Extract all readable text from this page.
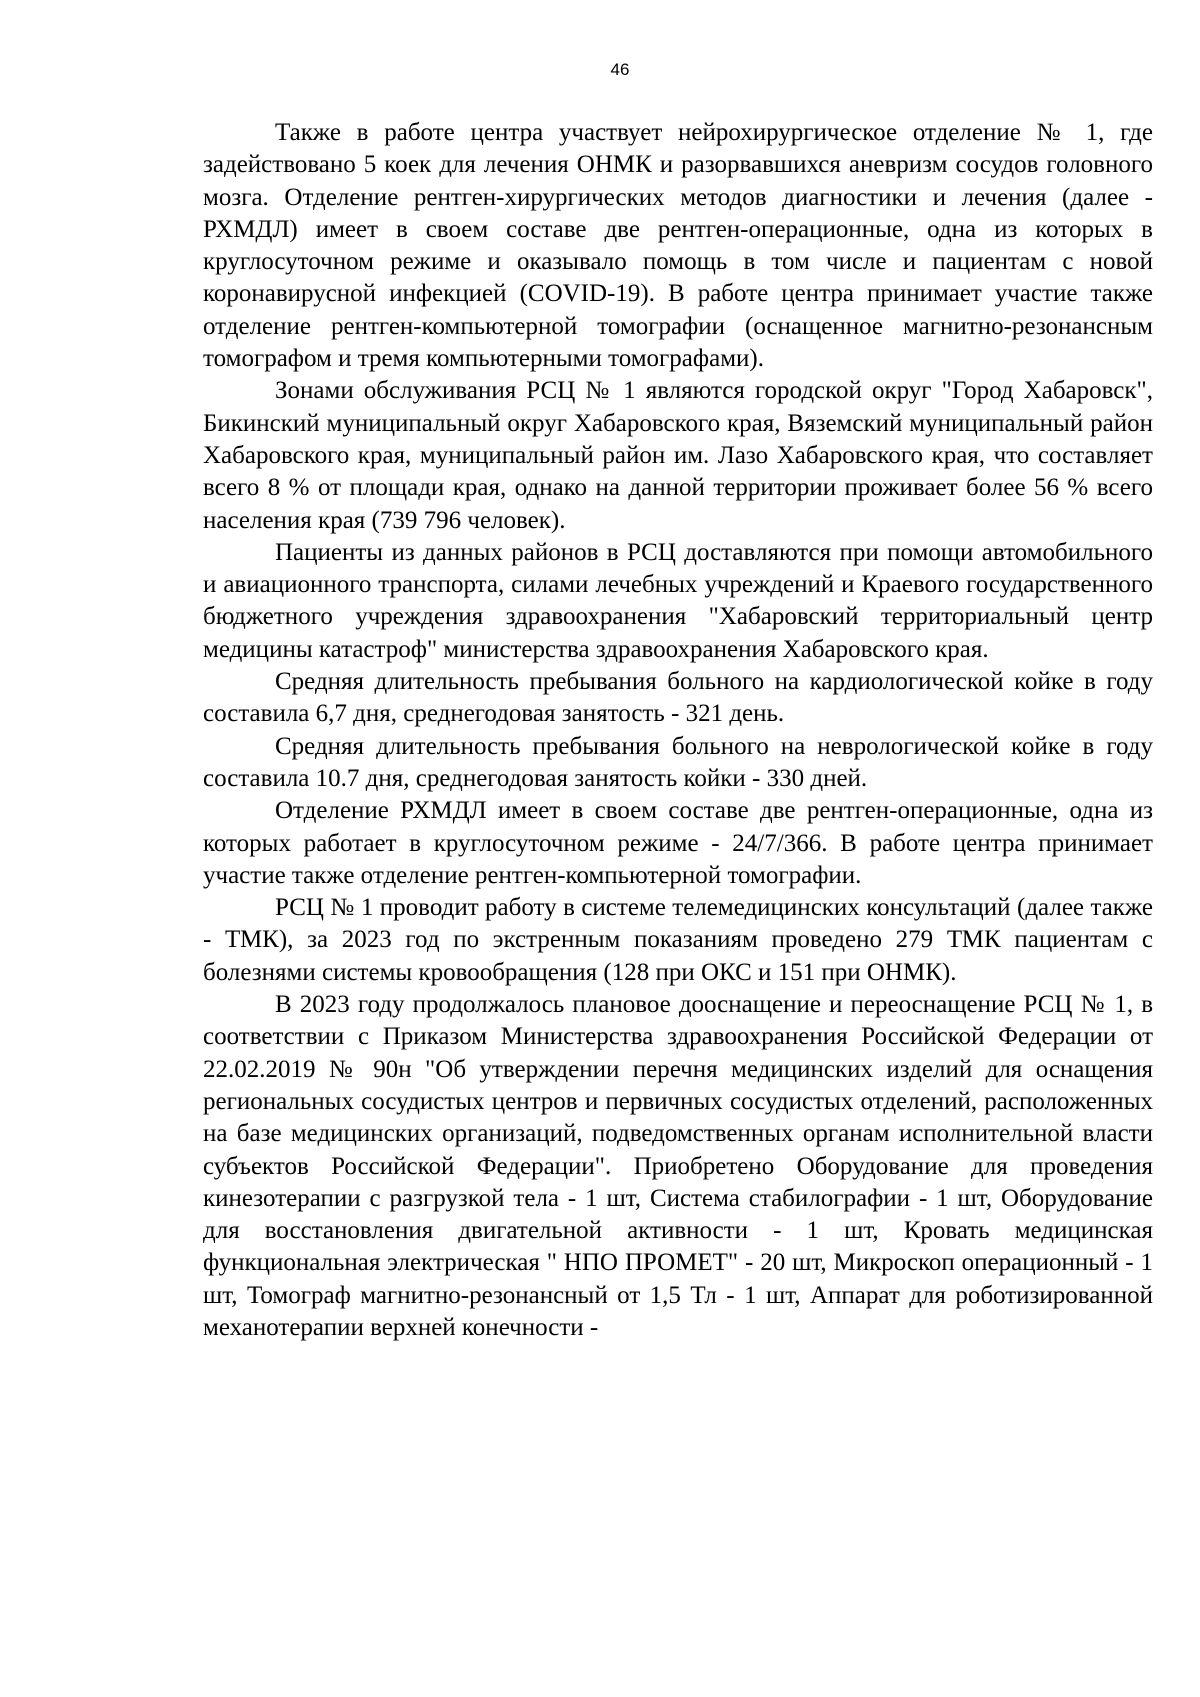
46

Также в работе центра участвует нейрохирургическое отделение № 1, где задействовано 5 коек для лечения ОНМК и разорвавшихся аневризм сосудов головного мозга. Отделение рентген-хирургических методов диагностики и лечения (далее - РХМДЛ) имеет в своем составе две рентген-операционные, одна из которых в круглосуточном режиме и оказывало помощь в том числе и пациентам с новой коронавирусной инфекцией (COVID-19). В работе центра принимает участие также отделение рентген-компьютерной томографии (оснащенное магнитно-резонансным томографом и тремя компьютерными томографами).

Зонами обслуживания РСЦ № 1 являются городской округ "Город Хабаровск", Бикинский муниципальный округ Хабаровского края, Вяземский муниципальный район Хабаровского края, муниципальный район им. Лазо Хабаровского края, что составляет всего 8 % от площади края, однако на данной территории проживает более 56 % всего населения края (739 796 человек).

Пациенты из данных районов в РСЦ доставляются при помощи автомобильного и авиационного транспорта, силами лечебных учреждений и Краевого государственного бюджетного учреждения здравоохранения "Хабаровский территориальный центр медицины катастроф" министерства здравоохранения Хабаровского края.

Средняя длительность пребывания больного на кардиологической койке в году составила 6,7 дня, среднегодовая занятость - 321 день.

Средняя длительность пребывания больного на неврологической койке в году составила 10.7 дня, среднегодовая занятость койки - 330 дней.

Отделение РХМДЛ имеет в своем составе две рентген-операционные, одна из которых работает в круглосуточном режиме - 24/7/366. В работе центра принимает участие также отделение рентген-компьютерной томографии.

РСЦ № 1 проводит работу в системе телемедицинских консультаций (далее также - ТМК), за 2023 год по экстренным показаниям проведено 279 ТМК пациентам с болезнями системы кровообращения (128 при ОКС и 151 при ОНМК).

В 2023 году продолжалось плановое дооснащение и переоснащение РСЦ № 1, в соответствии с Приказом Министерства здравоохранения Российской Федерации от 22.02.2019 № 90н "Об утверждении перечня медицинских изделий для оснащения региональных сосудистых центров и первичных сосудистых отделений, расположенных на базе медицинских организаций, подведомственных органам исполнительной власти субъектов Российской Федерации". Приобретено Оборудование для проведения кинезотерапии с разгрузкой тела - 1 шт, Система стабилографии - 1 шт, Оборудование для восстановления двигательной активности - 1 шт, Кровать медицинская функциональная электрическая " НПО ПРОМЕТ" - 20 шт, Микроскоп операционный - 1 шт, Томограф магнитно-резонансный от 1,5 Тл - 1 шт, Аппарат для роботизированной механотерапии верхней конечности -
